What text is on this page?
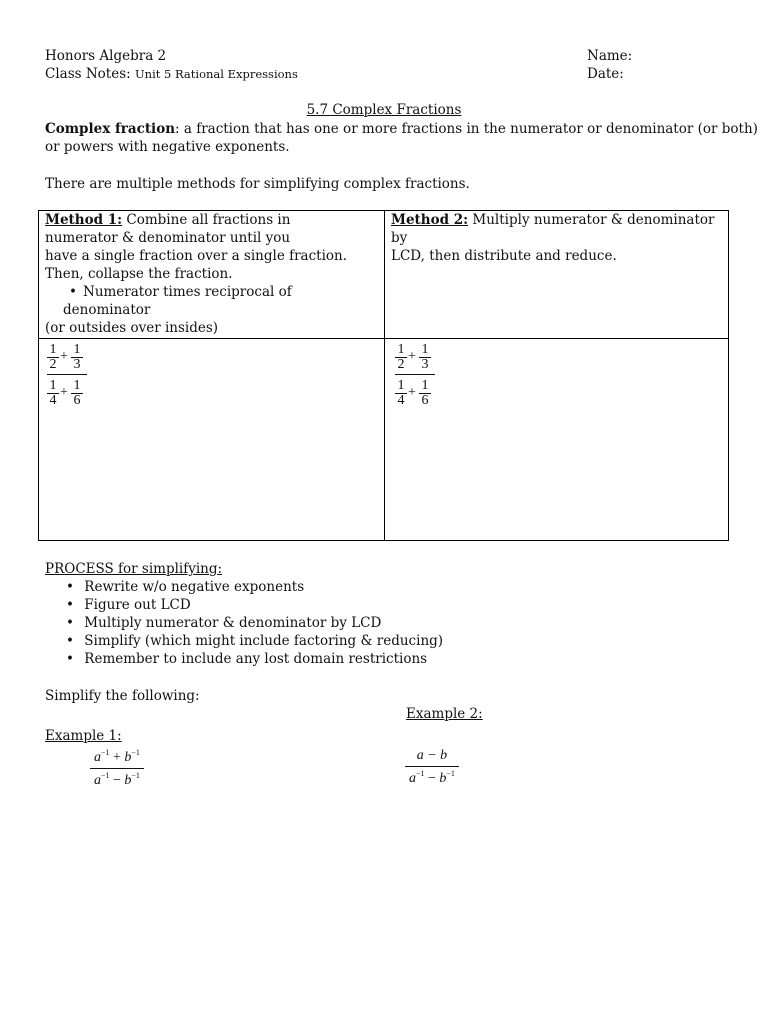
Honors Algebra 2
Class Notes: Unit 5 Rational Expressions
Name:
Date:
5.7 Complex Fractions
Complex fraction: a fraction that has one or more fractions in the numerator or denominator (or both)
or powers with negative exponents.
There are multiple methods for simplifying complex fractions.
Method 1: Combine all fractions in
numerator & denominator until you
have a single fraction over a single fraction.
Then, collapse the fraction.
• Numerator times reciprocal of denominator
(or outsides over insides)
Method 2: Multiply numerator & denominator by
LCD, then distribute and reduce.
$\frac{1}{2} + \frac{1}{3}$
$\frac{1}{4} + \frac{1}{6}$
$\frac{1}{2} + \frac{1}{3}$
$\frac{1}{4} + \frac{1}{6}$
PROCESS for simplifying:
• Rewrite w/o negative exponents
• Figure out LCD
• Multiply numerator & denominator by LCD
• Simplify (which might include factoring & reducing)
• Remember to include any lost domain restrictions
Simplify the following:
Example 2:
Example 1:
$a^{-1} + b^{-1}$
$a^{-1} - b^{-1}$
a − b
$a^{-1} - b^{-1}$
